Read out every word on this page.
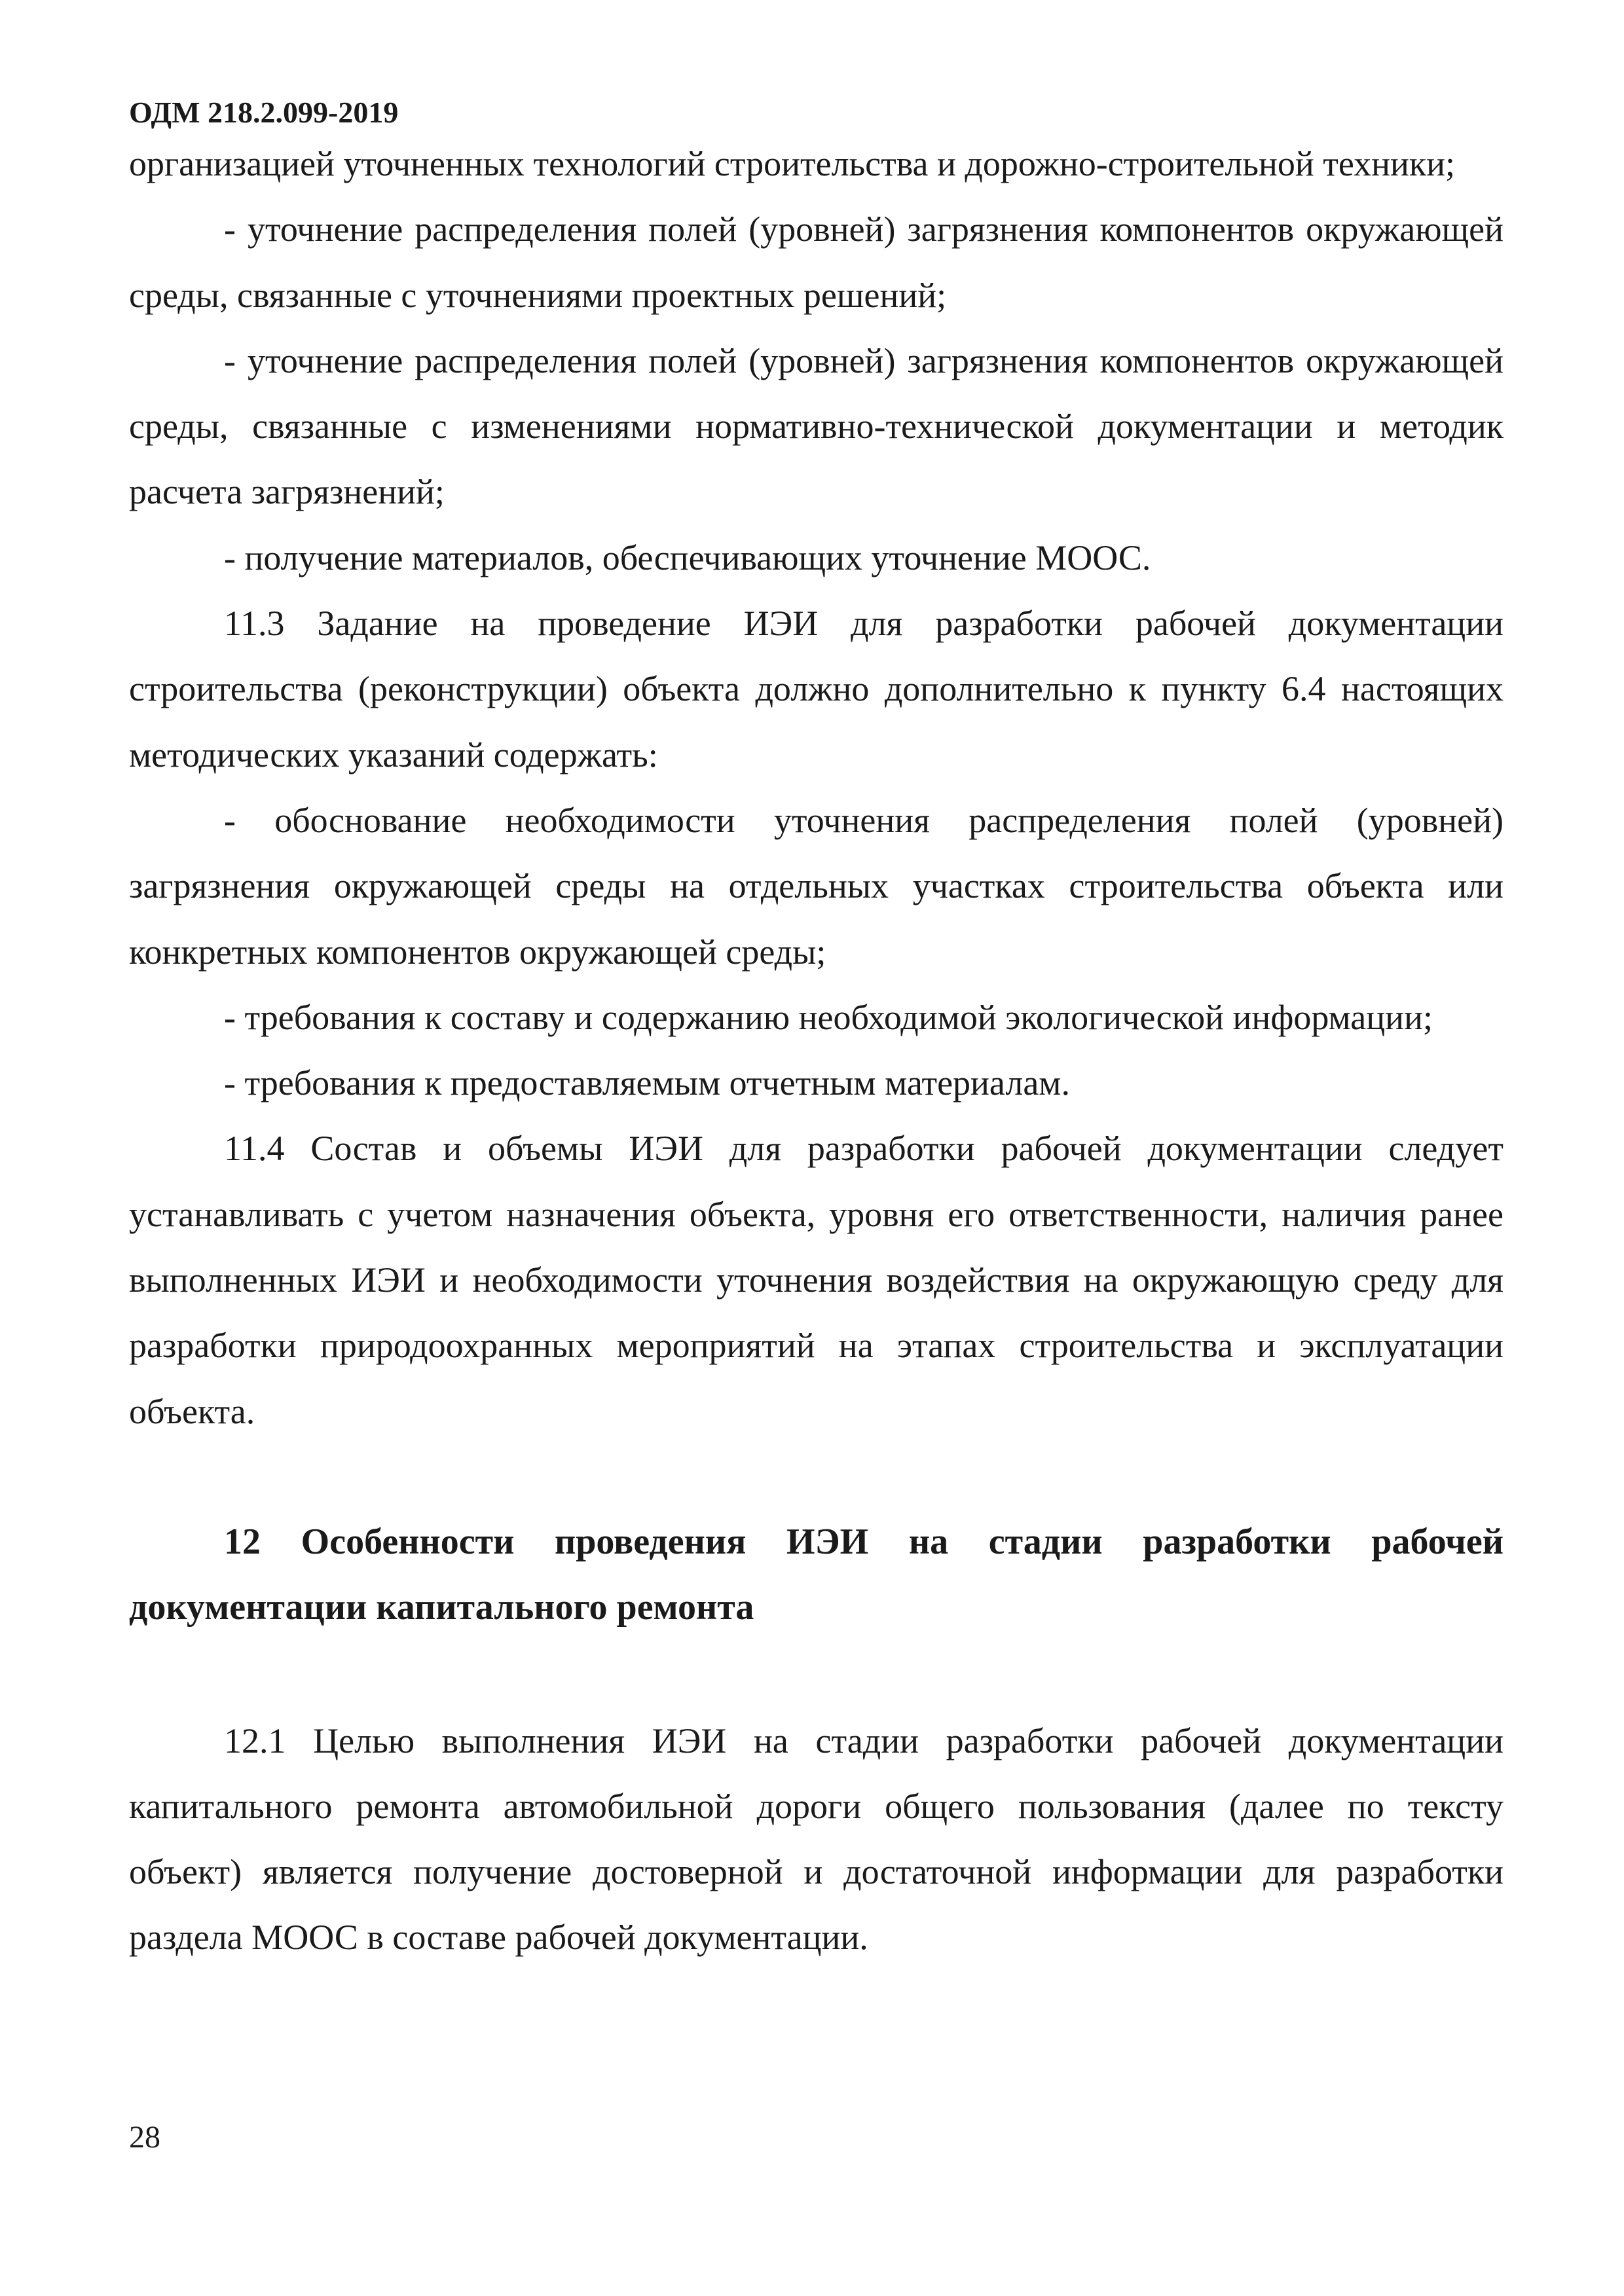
ОДМ 218.2.099-2019

организацией уточненных технологий строительства и дорожно-строительной техники;

- уточнение распределения полей (уровней) загрязнения компонентов окружающей среды, связанные с уточнениями проектных решений;

- уточнение распределения полей (уровней) загрязнения компонентов окружающей среды, связанные с изменениями нормативно-технической документации и методик расчета загрязнений;

- получение материалов, обеспечивающих уточнение МООС.

11.3 Задание на проведение ИЭИ для разработки рабочей документации строительства (реконструкции) объекта должно дополнительно к пункту 6.4 настоящих методических указаний содержать:

- обоснование необходимости уточнения распределения полей (уровней) загрязнения окружающей среды на отдельных участках строительства объекта или конкретных компонентов окружающей среды;

- требования к составу и содержанию необходимой экологической информации;

- требования к предоставляемым отчетным материалам.

11.4 Состав и объемы ИЭИ для разработки рабочей документации следует устанавливать с учетом назначения объекта, уровня его ответственности, наличия ранее выполненных ИЭИ и необходимости уточнения воздействия на окружающую среду для разработки природоохранных мероприятий на этапах строительства и эксплуатации объекта.

12 Особенности проведения ИЭИ на стадии разработки рабочей документации капитального ремонта

12.1 Целью выполнения ИЭИ на стадии разработки рабочей документации капитального ремонта автомобильной дороги общего пользования (далее по тексту объект) является получение достоверной и достаточной информации для разработки раздела МООС в составе рабочей документации.

28
